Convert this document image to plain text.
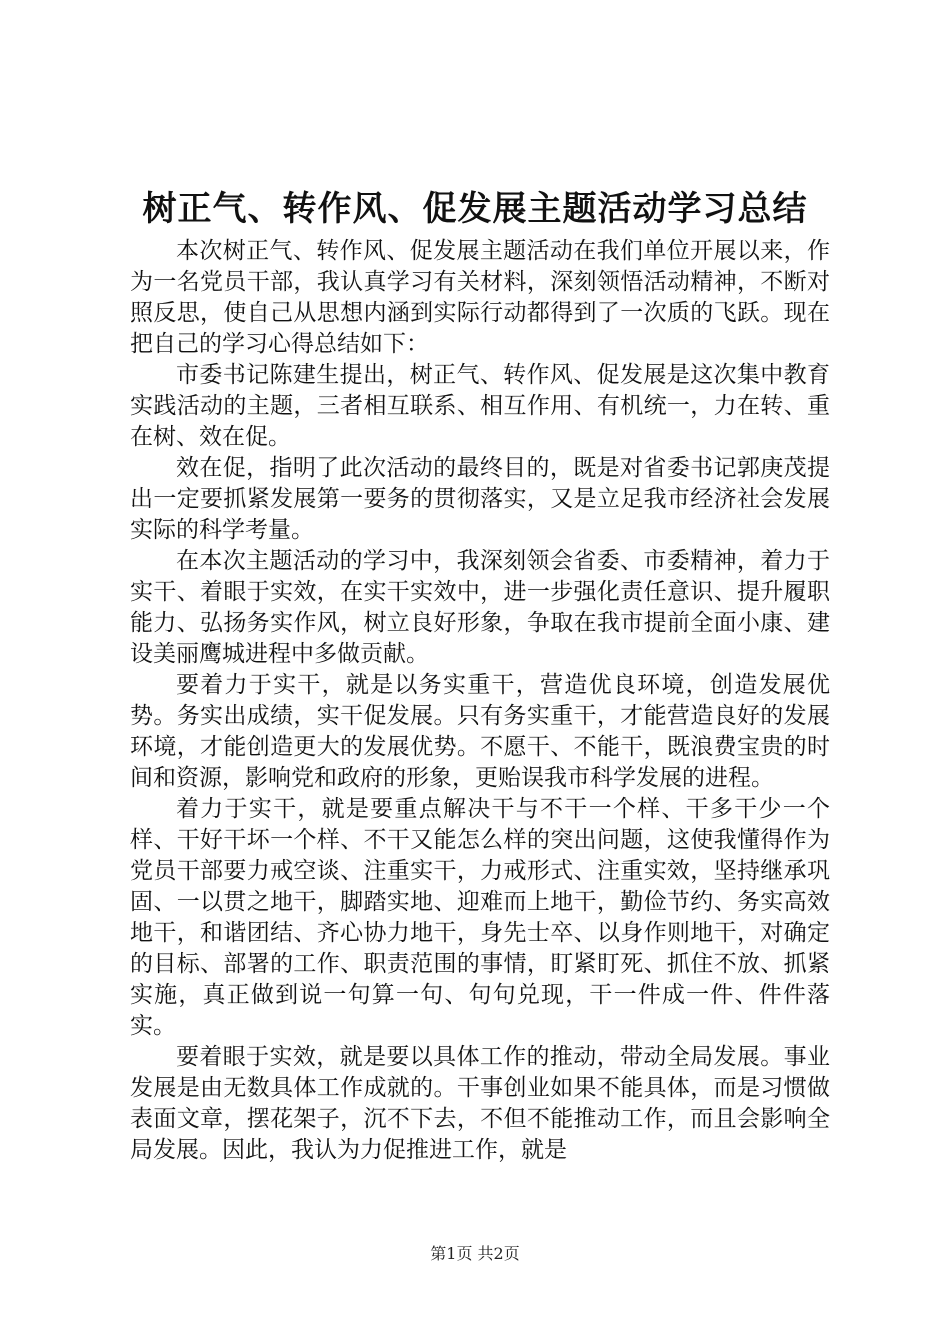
树正气、转作风、促发展主题活动学习总结

本次树正气、转作风、促发展主题活动在我们单位开展以来，作为一名党员干部，我认真学习有关材料，深刻领悟活动精神，不断对照反思，使自己从思想内涵到实际行动都得到了一次质的飞跃。现在把自己的学习心得总结如下：

市委书记陈建生提出，树正气、转作风、促发展是这次集中教育实践活动的主题，三者相互联系、相互作用、有机统一，力在转、重在树、效在促。

效在促，指明了此次活动的最终目的，既是对省委书记郭庚茂提出一定要抓紧发展第一要务的贯彻落实，又是立足我市经济社会发展实际的科学考量。

在本次主题活动的学习中，我深刻领会省委、市委精神，着力于实干、着眼于实效，在实干实效中，进一步强化责任意识、提升履职能力、弘扬务实作风，树立良好形象，争取在我市提前全面小康、建设美丽鹰城进程中多做贡献。

要着力于实干，就是以务实重干，营造优良环境，创造发展优势。务实出成绩，实干促发展。只有务实重干，才能营造良好的发展环境，才能创造更大的发展优势。不愿干、不能干，既浪费宝贵的时间和资源，影响党和政府的形象，更贻误我市科学发展的进程。

着力于实干，就是要重点解决干与不干一个样、干多干少一个样、干好干坏一个样、不干又能怎么样的突出问题，这使我懂得作为党员干部要力戒空谈、注重实干，力戒形式、注重实效，坚持继承巩固、一以贯之地干，脚踏实地、迎难而上地干，勤俭节约、务实高效地干，和谐团结、齐心协力地干，身先士卒、以身作则地干，对确定的目标、部署的工作、职责范围的事情，盯紧盯死、抓住不放、抓紧实施，真正做到说一句算一句、句句兑现，干一件成一件、件件落实。

要着眼于实效，就是要以具体工作的推动，带动全局发展。事业发展是由无数具体工作成就的。干事创业如果不能具体，而是习惯做表面文章，摆花架子，沉不下去，不但不能推动工作，而且会影响全局发展。因此，我认为力促推进工作，就是

第1页 共2页
